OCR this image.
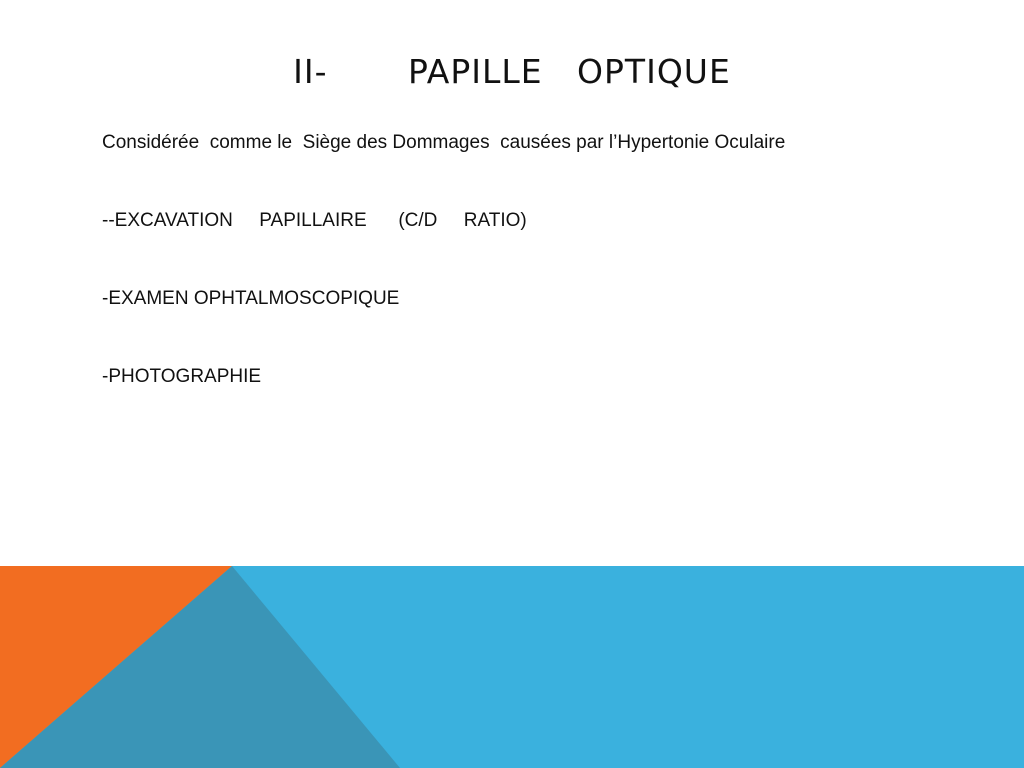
II-       PAPILLE   OPTIQUE
Considérée  comme le  Siège des Dommages  causées par l’Hypertonie Oculaire
--EXCAVATION     PAPILLAIRE      (C/D     RATIO)
-EXAMEN OPHTALMOSCOPIQUE
-PHOTOGRAPHIE
